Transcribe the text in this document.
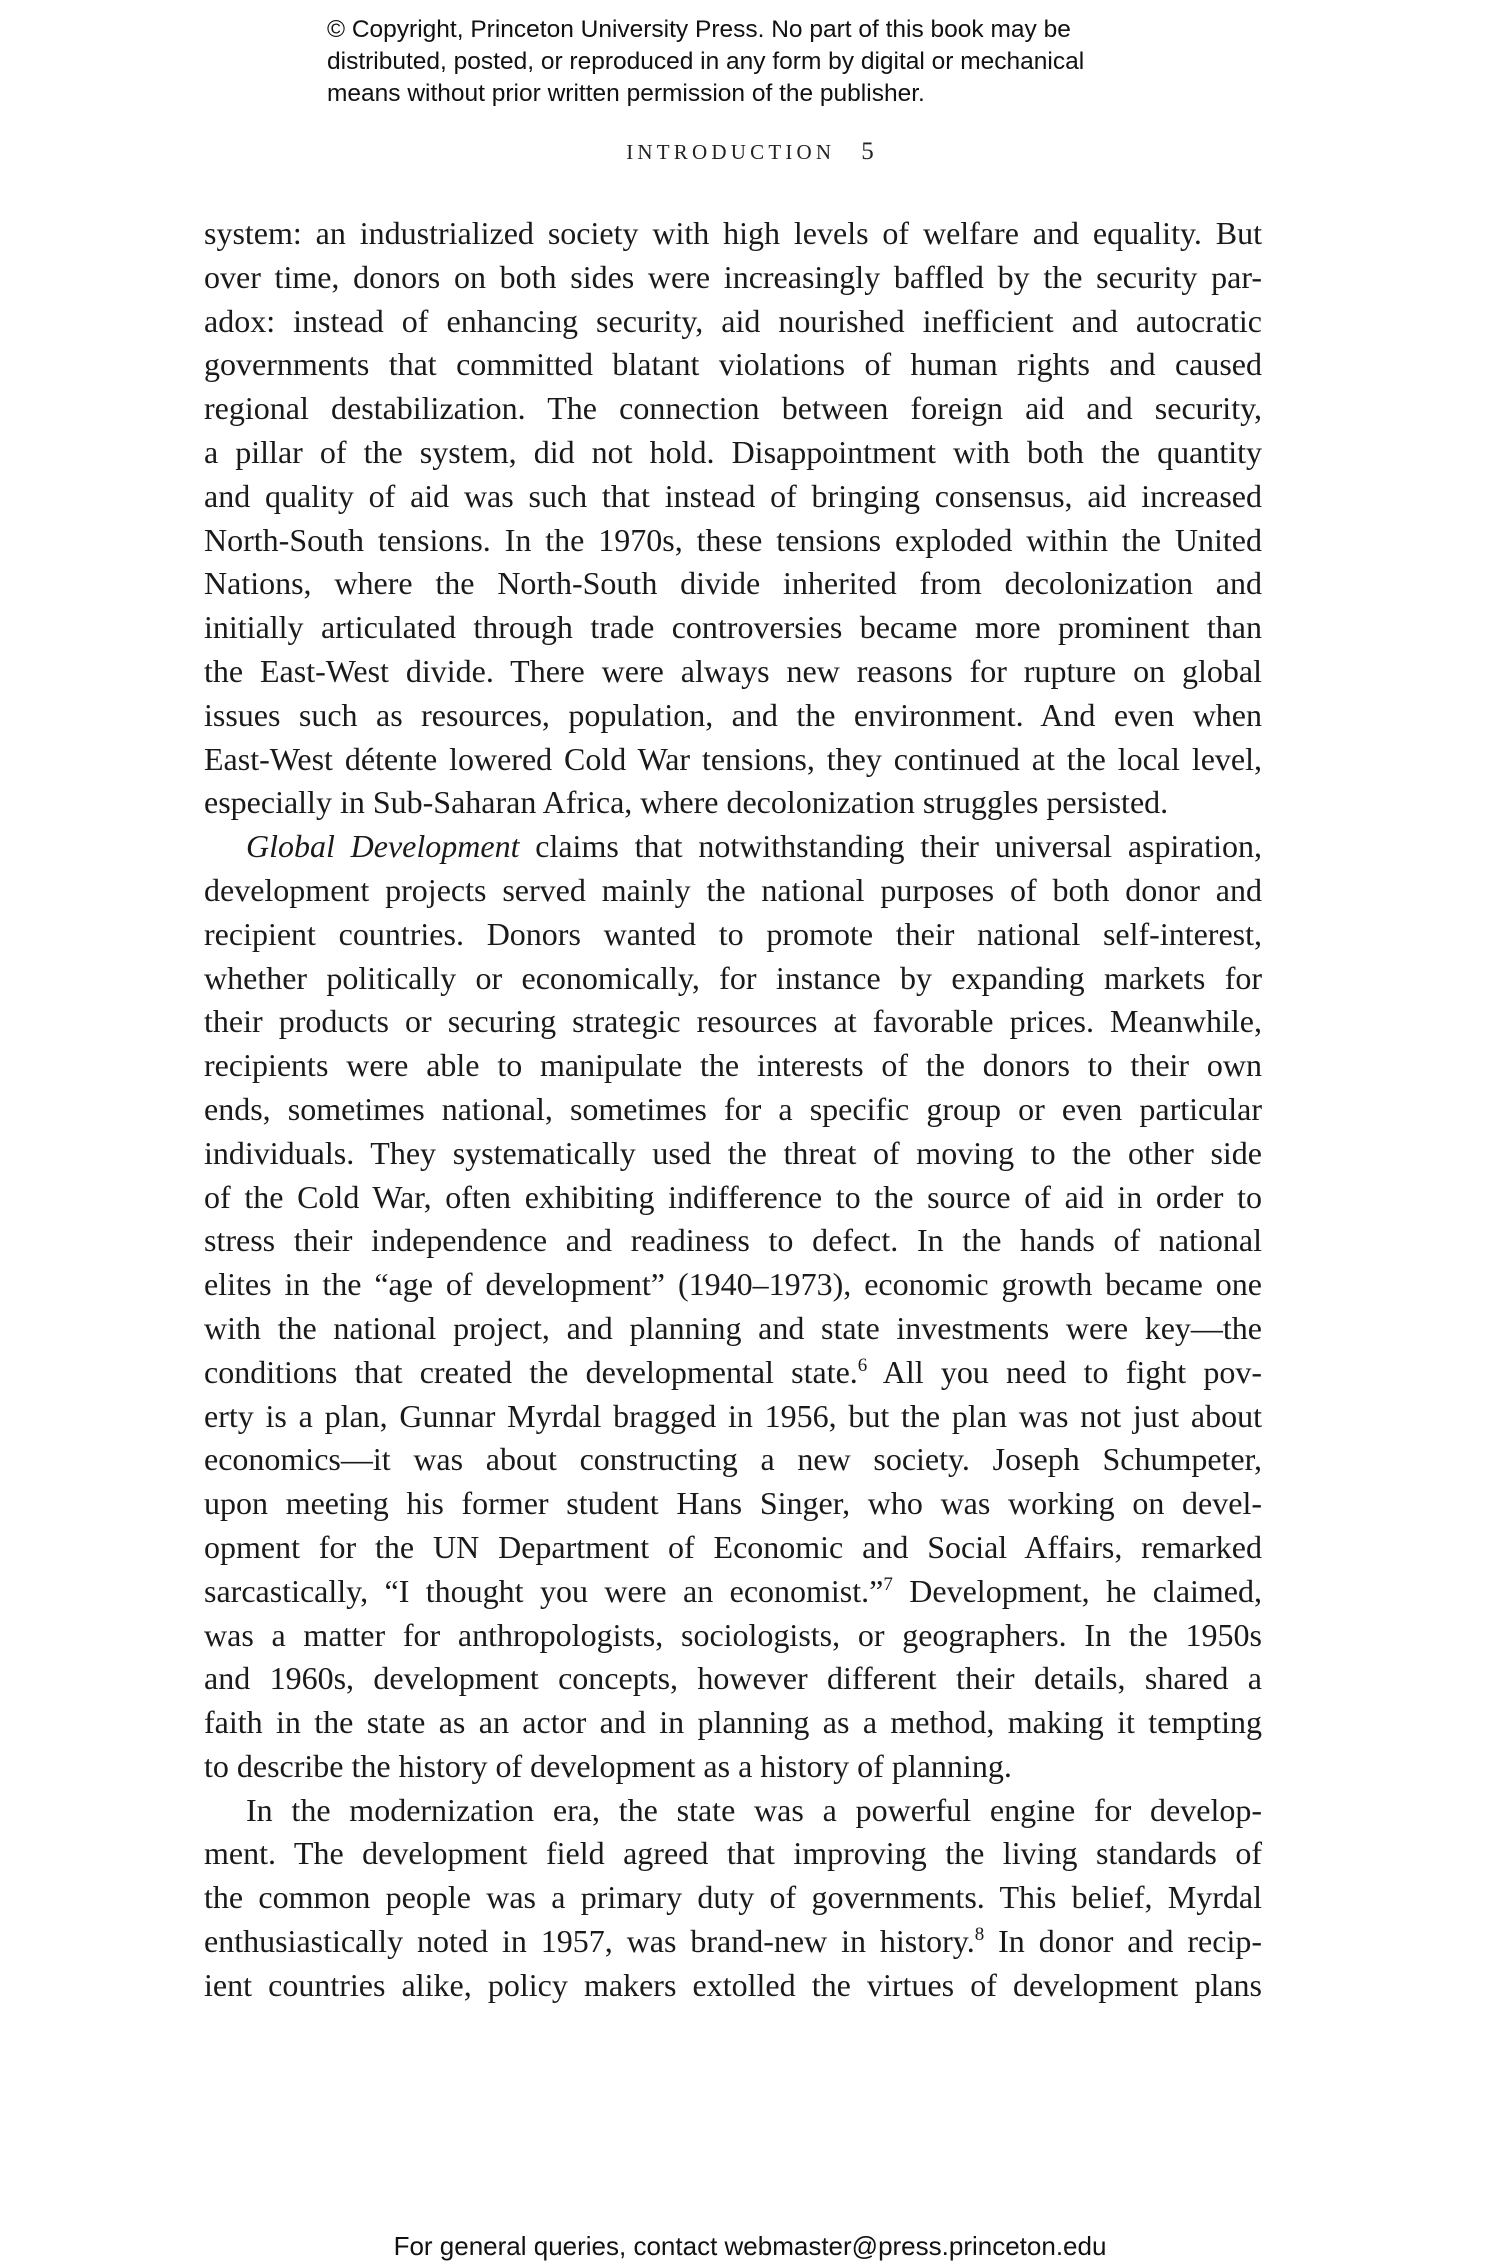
© Copyright, Princeton University Press. No part of this book may be
distributed, posted, or reproduced in any form by digital or mechanical
means without prior written permission of the publisher.
INTRODUCTION 5
system: an industrialized society with high levels of welfare and equality. But
over time, donors on both sides were increasingly baffled by the security par-
adox: instead of enhancing security, aid nourished inefficient and autocratic
governments that committed blatant violations of human rights and caused
regional destabilization. The connection between foreign aid and security,
a pillar of the system, did not hold. Disappointment with both the quantity
and quality of aid was such that instead of bringing consensus, aid increased
North-South tensions. In the 1970s, these tensions exploded within the United
Nations, where the North-South divide inherited from decolonization and
initially articulated through trade controversies became more prominent than
the East-West divide. There were always new reasons for rupture on global
issues such as resources, population, and the environment. And even when
East-West détente lowered Cold War tensions, they continued at the local level,
especially in Sub-Saharan Africa, where decolonization struggles persisted.
Global Development claims that notwithstanding their universal aspiration,
development projects served mainly the national purposes of both donor and
recipient countries. Donors wanted to promote their national self-interest,
whether politically or economically, for instance by expanding markets for
their products or securing strategic resources at favorable prices. Meanwhile,
recipients were able to manipulate the interests of the donors to their own
ends, sometimes national, sometimes for a specific group or even particular
individuals. They systematically used the threat of moving to the other side
of the Cold War, often exhibiting indifference to the source of aid in order to
stress their independence and readiness to defect. In the hands of national
elites in the “age of development” (1940–1973), economic growth became one
with the national project, and planning and state investments were key—the
conditions that created the developmental state.$^6$ All you need to fight pov-
erty is a plan, Gunnar Myrdal bragged in 1956, but the plan was not just about
economics—it was about constructing a new society. Joseph Schumpeter,
upon meeting his former student Hans Singer, who was working on devel-
opment for the UN Department of Economic and Social Affairs, remarked
sarcastically, “I thought you were an economist.”$^7$ Development, he claimed,
was a matter for anthropologists, sociologists, or geographers. In the 1950s
and 1960s, development concepts, however different their details, shared a
faith in the state as an actor and in planning as a method, making it tempting
to describe the history of development as a history of planning.
In the modernization era, the state was a powerful engine for develop-
ment. The development field agreed that improving the living standards of
the common people was a primary duty of governments. This belief, Myrdal
enthusiastically noted in 1957, was brand-new in history.$^8$ In donor and recip-
ient countries alike, policy makers extolled the virtues of development plans
For general queries, contact webmaster@press.princeton.edu
